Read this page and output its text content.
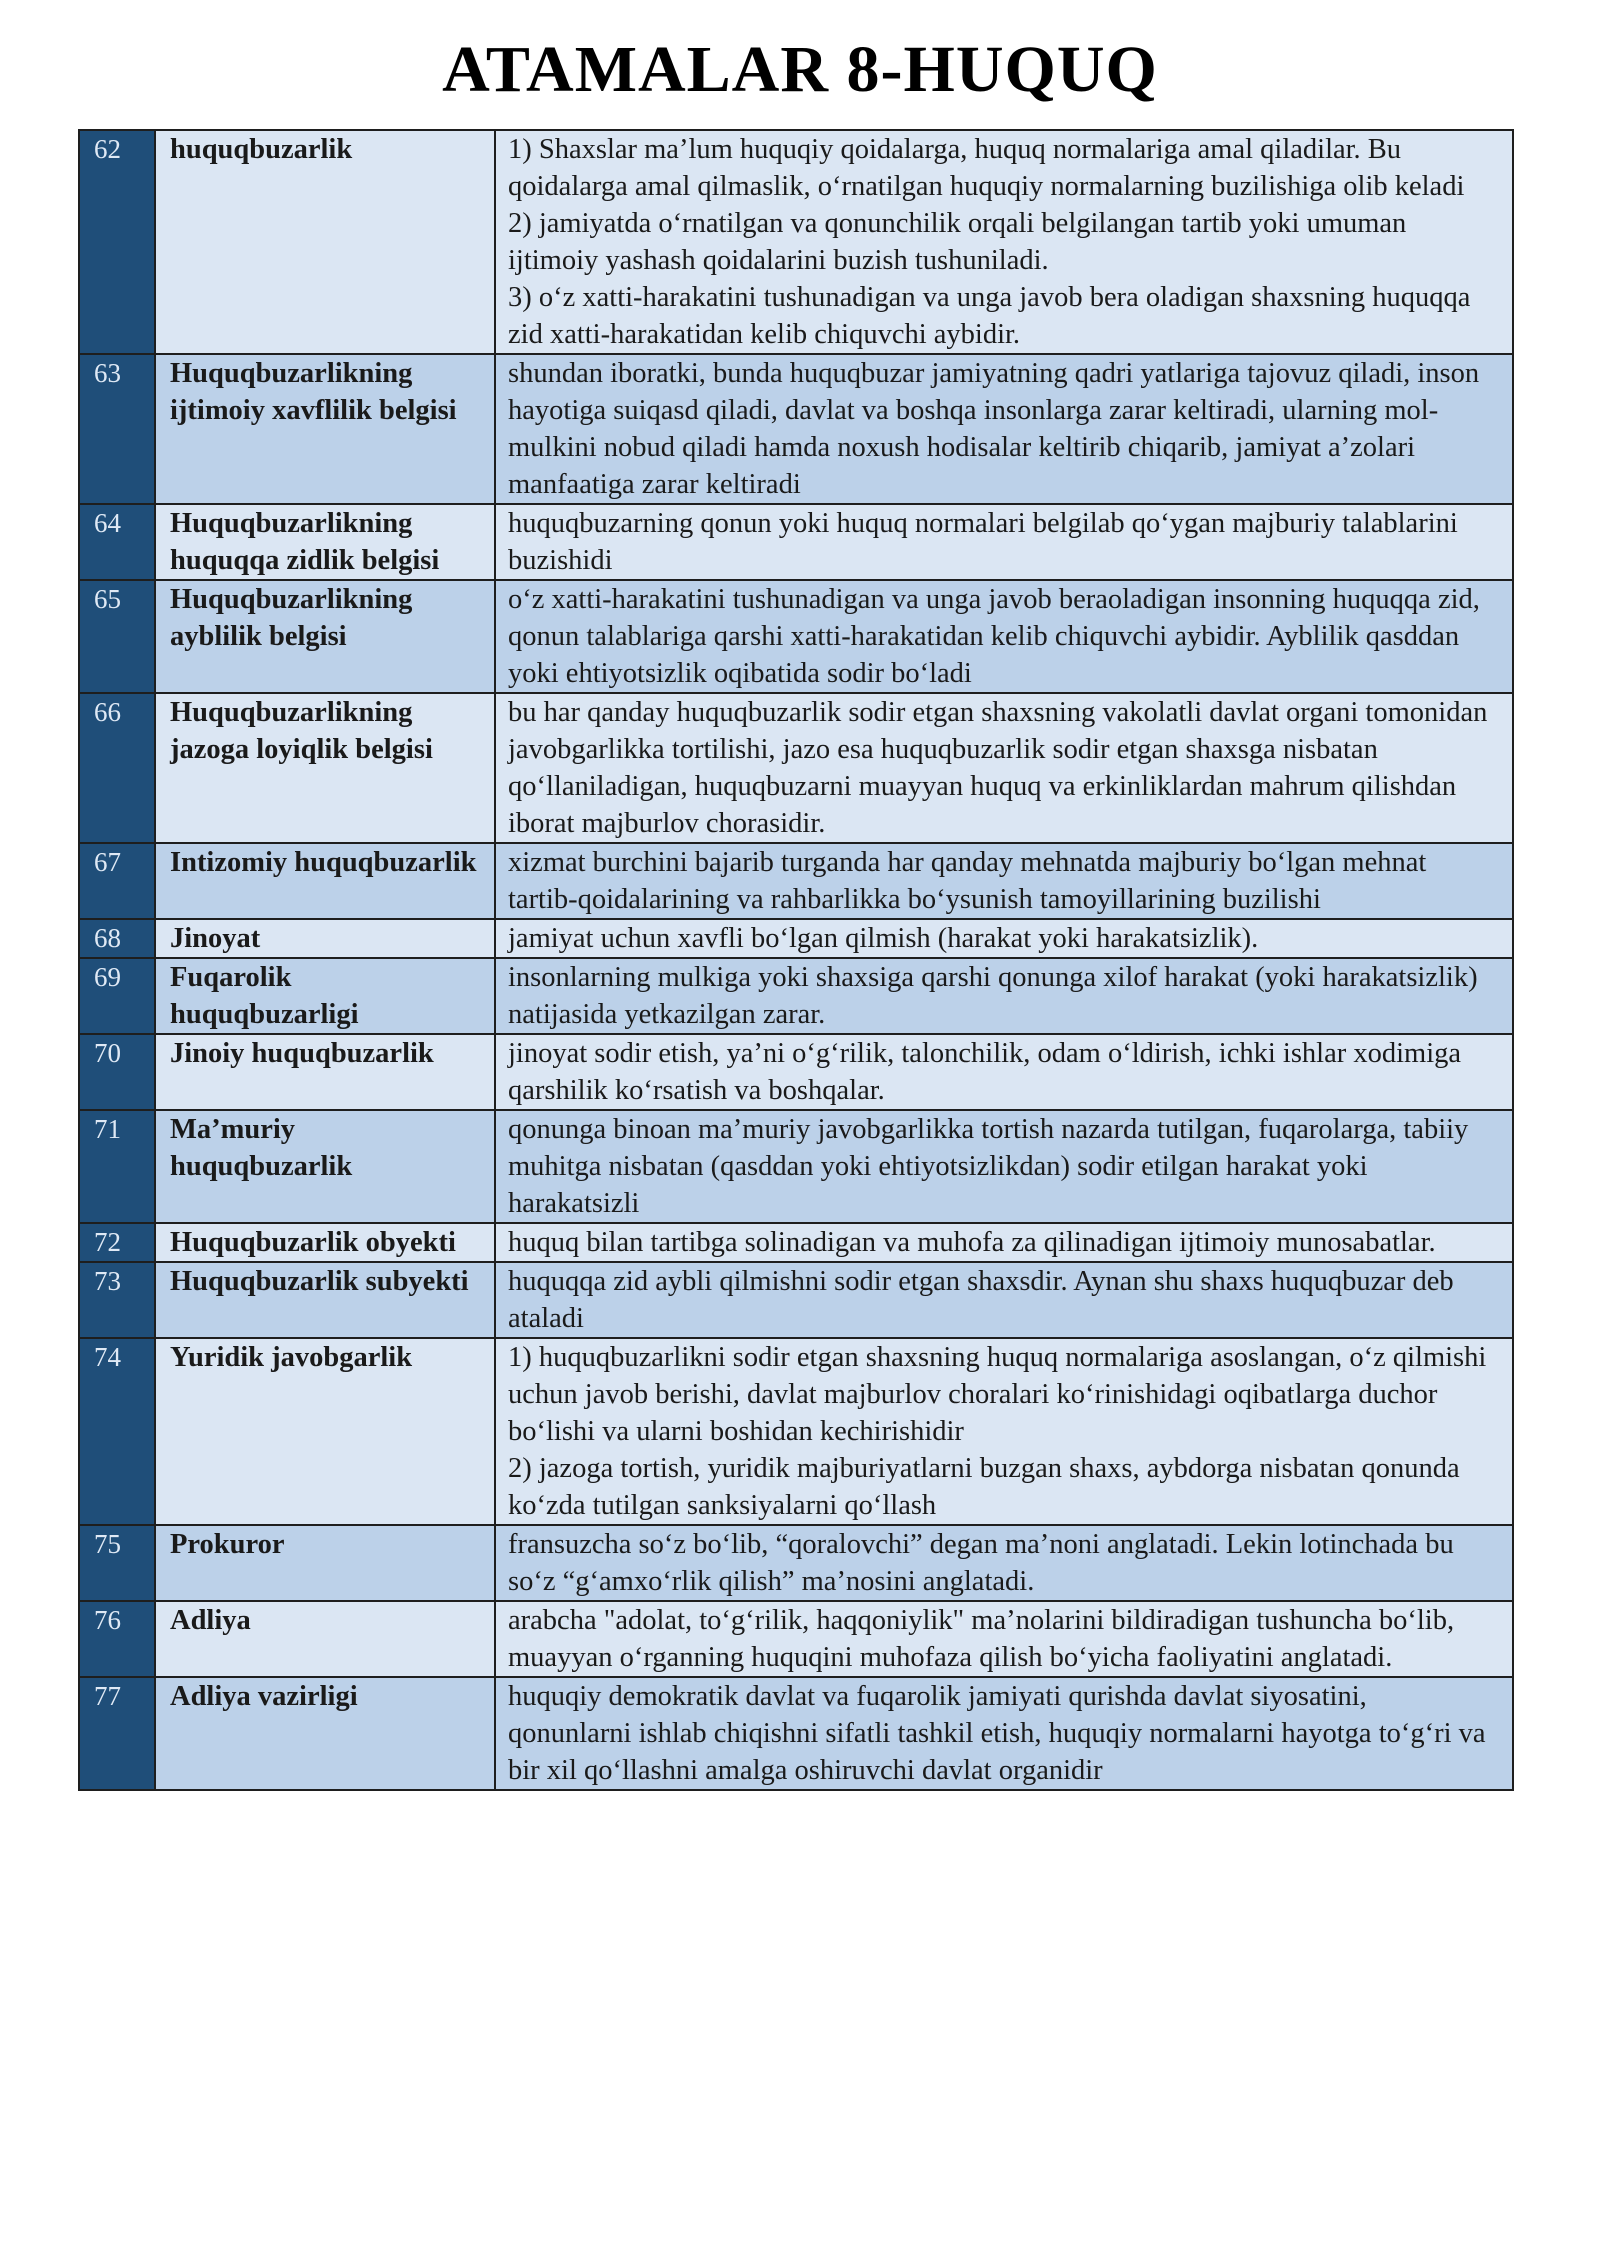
ATAMALAR 8-HUQUQ
62	huquqbuzarlik	1) Shaxslar ma’lum huquqiy qoidalarga, huquq normalariga amal qiladilar. Bu qoidalarga amal qilmaslik, o‘rnatilgan huquqiy normalarning buzilishiga olib keladi
2) jamiyatda o‘rnatilgan va qonunchilik orqali belgilangan tartib yoki umuman ijtimoiy yashash qoidalarini buzish tushuniladi.
3) o‘z xatti-harakatini tushunadigan va unga javob bera oladigan shaxsning huquqqa zid xatti-harakatidan kelib chiquvchi aybidir.

63	Huquqbuzarlikning ijtimoiy xavflilik belgisi	shundan iboratki, bunda huquqbuzar jamiyatning qadri yatlariga tajovuz qiladi, inson hayotiga suiqasd qiladi, davlat va boshqa insonlarga zarar keltiradi, ularning mol-mulkini nobud qiladi hamda noxush hodisalar keltirib chiqarib, jamiyat a’zolari manfaatiga zarar keltiradi

64	Huquqbuzarlikning huquqqa zidlik belgisi	huquqbuzarning qonun yoki huquq normalari belgilab qo‘ygan majburiy talablarini buzishidi

65	Huquqbuzarlikning ayblilik belgisi	o‘z xatti-harakatini tushunadigan va unga javob beraoladigan insonning huquqqa zid, qonun talablariga qarshi xatti-harakatidan kelib chiquvchi aybidir. Ayblilik qasddan yoki ehtiyotsizlik oqibatida sodir bo‘ladi

66	Huquqbuzarlikning jazoga loyiqlik belgisi	bu har qanday huquqbuzarlik sodir etgan shaxsning vakolatli davlat organi tomonidan javobgarlikka tortilishi, jazo esa huquqbuzarlik sodir etgan shaxsga nisbatan qo‘llaniladigan, huquqbuzarni muayyan huquq va erkinliklardan mahrum qilishdan iborat majburlov chorasidir.

67	Intizomiy huquqbuzarlik	xizmat burchini bajarib turganda har qanday mehnatda majburiy bo‘lgan mehnat tartib-qoidalarining va rahbarlikka bo‘ysunish tamoyillarining buzilishi

68	Jinoyat	jamiyat uchun xavfli bo‘lgan qilmish (harakat yoki harakatsizlik).

69	Fuqarolik huquqbuzarligi	insonlarning mulkiga yoki shaxsiga qarshi qonunga xilof harakat (yoki harakatsizlik) natijasida yetkazilgan zarar.

70	Jinoiy huquqbuzarlik	jinoyat sodir etish, ya’ni o‘g‘rilik, talonchilik, odam o‘ldirish, ichki ishlar xodimiga qarshilik ko‘rsatish va boshqalar.

71	Ma’muriy huquqbuzarlik	qonunga binoan ma’muriy javobgarlikka tortish nazarda tutilgan, fuqarolarga, tabiiy muhitga nisbatan (qasddan yoki ehtiyotsizlikdan) sodir etilgan harakat yoki harakatsizli

72	Huquqbuzarlik obyekti	huquq bilan tartibga solinadigan va muhofa za qilinadigan ijtimoiy munosabatlar.

73	Huquqbuzarlik subyekti	huquqqa zid aybli qilmishni sodir etgan shaxsdir. Aynan shu shaxs huquqbuzar deb ataladi

74	Yuridik javobgarlik	1) huquqbuzarlikni sodir etgan shaxsning huquq normalariga asoslangan, o‘z qilmishi uchun javob berishi, davlat majburlov choralari ko‘rinishidagi oqibatlarga duchor bo‘lishi va ularni boshidan kechirishidir
2) jazoga tortish, yuridik majburiyatlarni buzgan shaxs, aybdorga nisbatan qonunda ko‘zda tutilgan sanksiyalarni qo‘llash

75	Prokuror	fransuzcha so‘z bo‘lib, “qoralovchi” degan ma’noni anglatadi. Lekin lotinchada bu so‘z “g‘amxo‘rlik qilish” ma’nosini anglatadi.

76	Adliya	arabcha "adolat, to‘g‘rilik, haqqoniylik" ma’nolarini bildiradigan tushuncha bo‘lib, muayyan o‘rganning huquqini muhofaza qilish bo‘yicha faoliyatini anglatadi.

77	Adliya vazirligi	huquqiy demokratik davlat va fuqarolik jamiyati qurishda davlat siyosatini, qonunlarni ishlab chiqishni sifatli tashkil etish, huquqiy normalarni hayotga to‘g‘ri va bir xil qo‘llashni amalga oshiruvchi davlat organidir
